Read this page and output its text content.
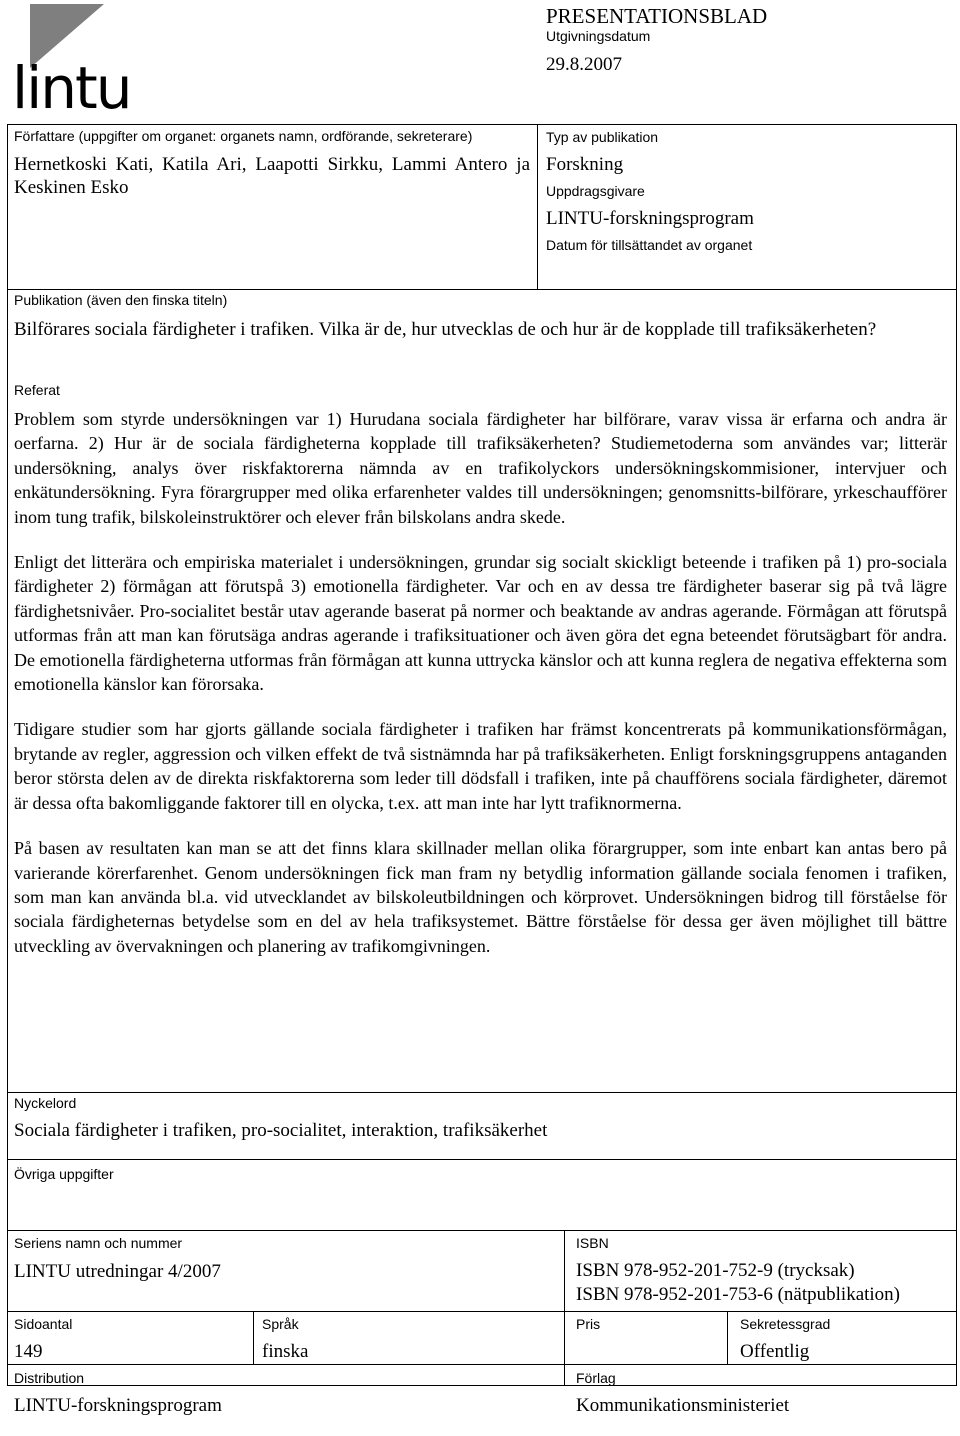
lintu
PRESENTATIONSBLAD
Utgivningsdatum
29.8.2007
Författare (uppgifter om organet: organets namn, ordförande, sekreterare)
Hernetkoski Kati, Katila Ari, Laapotti Sirkku, Lammi Antero ja Keskinen Esko
Typ av publikation
Forskning
Uppdragsgivare
LINTU-forskningsprogram
Datum för tillsättandet av organet
Publikation (även den finska titeln)
Bilförares sociala färdigheter i trafiken. Vilka är de, hur utvecklas de och hur är de kopplade till trafiksäkerheten?
Referat

Problem som styrde undersökningen var 1) Hurudana sociala färdigheter har bilförare, varav vissa är erfarna och andra är oerfarna. 2) Hur är de sociala färdigheterna kopplade till trafiksäkerheten? Studiemetoderna som användes var; litterär undersökning, analys över riskfaktorerna nämnda av en trafikolyckors undersökningskommisioner, intervjuer och enkätundersökning. Fyra förargrupper med olika erfarenheter valdes till undersökningen; genomsnitts-bilförare, yrkeschaufförer inom tung trafik, bilskoleinstruktörer och elever från bilskolans andra skede.

Enligt det litterära och empiriska materialet i undersökningen, grundar sig socialt skickligt beteende i trafiken på 1) pro-sociala färdigheter 2) förmågan att förutspå 3) emotionella färdigheter. Var och en av dessa tre färdigheter baserar sig på två lägre färdighetsnivåer. Pro-socialitet består utav agerande baserat på normer och beaktande av andras agerande. Förmågan att förutspå utformas från att man kan förutsäga andras agerande i trafiksituationer och även göra det egna beteendet förutsägbart för andra. De emotionella färdigheterna utformas från förmågan att kunna uttrycka känslor och att kunna reglera de negativa effekterna som emotionella känslor kan förorsaka.

Tidigare studier som har gjorts gällande sociala färdigheter i trafiken har främst koncentrerats på kommunikationsförmågan, brytande av regler, aggression och vilken effekt de två sistnämnda har på trafiksäkerheten. Enligt forskningsgruppens antaganden beror största delen av de direkta riskfaktorerna som leder till dödsfall i trafiken, inte på chaufförens sociala färdigheter, däremot är dessa ofta bakomliggande faktorer till en olycka, t.ex. att man inte har lytt trafiknormerna.

På basen av resultaten kan man se att det finns klara skillnader mellan olika förargrupper, som inte enbart kan antas bero på varierande körerfarenhet. Genom undersökningen fick man fram ny betydlig information gällande sociala fenomen i trafiken, som man kan använda bl.a. vid utvecklandet av bilskoleutbildningen och körprovet. Undersökningen bidrog till förståelse för sociala färdigheternas betydelse som en del av hela trafiksystemet. Bättre förståelse för dessa ger även möjlighet till bättre utveckling av övervakningen och planering av trafikomgivningen.

Nyckelord
Sociala färdigheter i trafiken, pro-socialitet, interaktion, trafiksäkerhet
Övriga uppgifter
Seriens namn och nummer
LINTU utredningar 4/2007
ISBN
ISBN 978-952-201-752-9 (trycksak)
ISBN 978-952-201-753-6 (nätpublikation)
Sidoantal
149
Språk
finska
Pris	Sekretessgrad
Offentlig
Distribution
LINTU-forskningsprogram
Förlag
Kommunikationsministeriet
